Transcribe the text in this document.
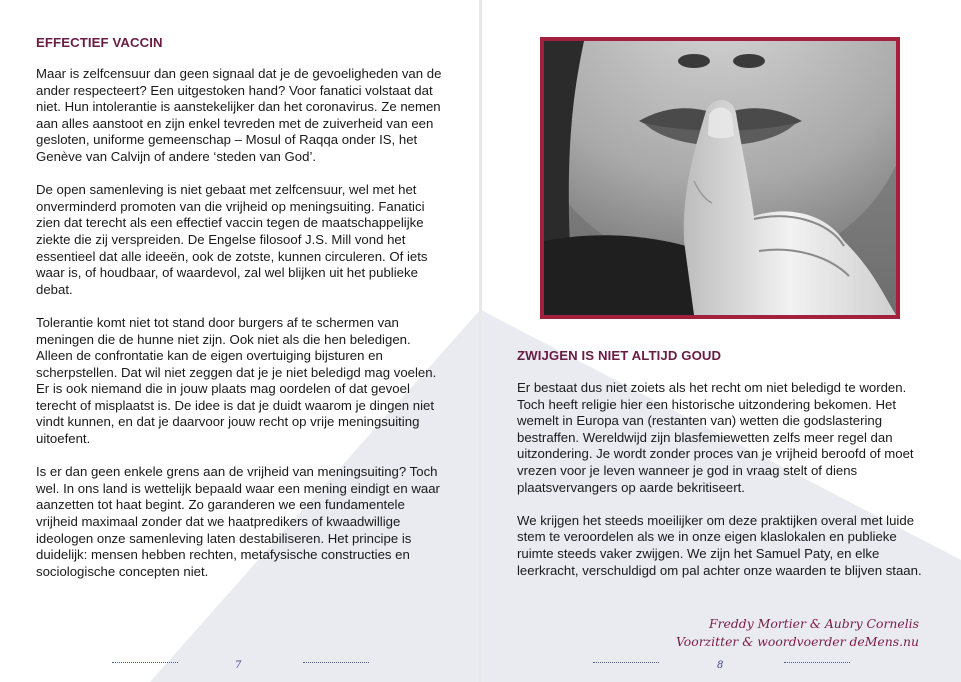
EFFECTIEF VACCIN

Maar is zelfcensuur dan geen signaal dat je de gevoeligheden van de ander respecteert? Een uitgestoken hand? Voor fanatici volstaat dat niet. Hun intolerantie is aanstekelijker dan het coronavirus. Ze nemen aan alles aanstoot en zijn enkel tevreden met de zuiverheid van een gesloten, uniforme gemeenschap – Mosul of Raqqa onder IS, het Genève van Calvijn of andere ‘steden van God’.

De open samenleving is niet gebaat met zelfcensuur, wel met het onverminderd promoten van die vrijheid op meningsuiting. Fanatici zien dat terecht als een effectief vaccin tegen de maatschappelijke ziekte die zij verspreiden. De Engelse filosoof J.S. Mill vond het essentieel dat alle ideeën, ook de zotste, kunnen circuleren. Of iets waar is, of houdbaar, of waardevol, zal wel blijken uit het publieke debat.

Tolerantie komt niet tot stand door burgers af te schermen van meningen die de hunne niet zijn. Ook niet als die hen beledigen. Alleen de confrontatie kan de eigen overtuiging bijsturen en scherpstellen. Dat wil niet zeggen dat je je niet beledigd mag voelen. Er is ook niemand die in jouw plaats mag oordelen of dat gevoel terecht of misplaatst is. De idee is dat je duidt waarom je dingen niet vindt kunnen, en dat je daarvoor jouw recht op vrije meningsuiting uitoefent.

Is er dan geen enkele grens aan de vrijheid van meningsuiting? Toch wel. In ons land is wettelijk bepaald waar een mening eindigt en waar aanzetten tot haat begint. Zo garanderen we een fundamentele vrijheid maximaal zonder dat we haatpredikers of kwaadwillige ideologen onze samenleving laten destabiliseren. Het principe is duidelijk: mensen hebben rechten, metafysische constructies en sociologische concepten niet.

7
ZWIJGEN IS NIET ALTIJD GOUD

Er bestaat dus niet zoiets als het recht om niet beledigd te worden. Toch heeft religie hier een historische uitzondering bekomen. Het wemelt in Europa van (restanten van) wetten die godslastering bestraffen. Wereldwijd zijn blasfemiewetten zelfs meer regel dan uitzondering. Je wordt zonder proces van je vrijheid beroofd of moet vrezen voor je leven wanneer je god in vraag stelt of diens plaatsvervangers op aarde bekritiseert.

We krijgen het steeds moeilijker om deze praktijken overal met luide stem te veroordelen als we in onze eigen klaslokalen en publieke ruimte steeds vaker zwijgen. We zijn het Samuel Paty, en elke leerkracht, verschuldigd om pal achter onze waarden te blijven staan.

Freddy Mortier & Aubry Cornelis
Voorzitter & woordvoerder deMens.nu
8
